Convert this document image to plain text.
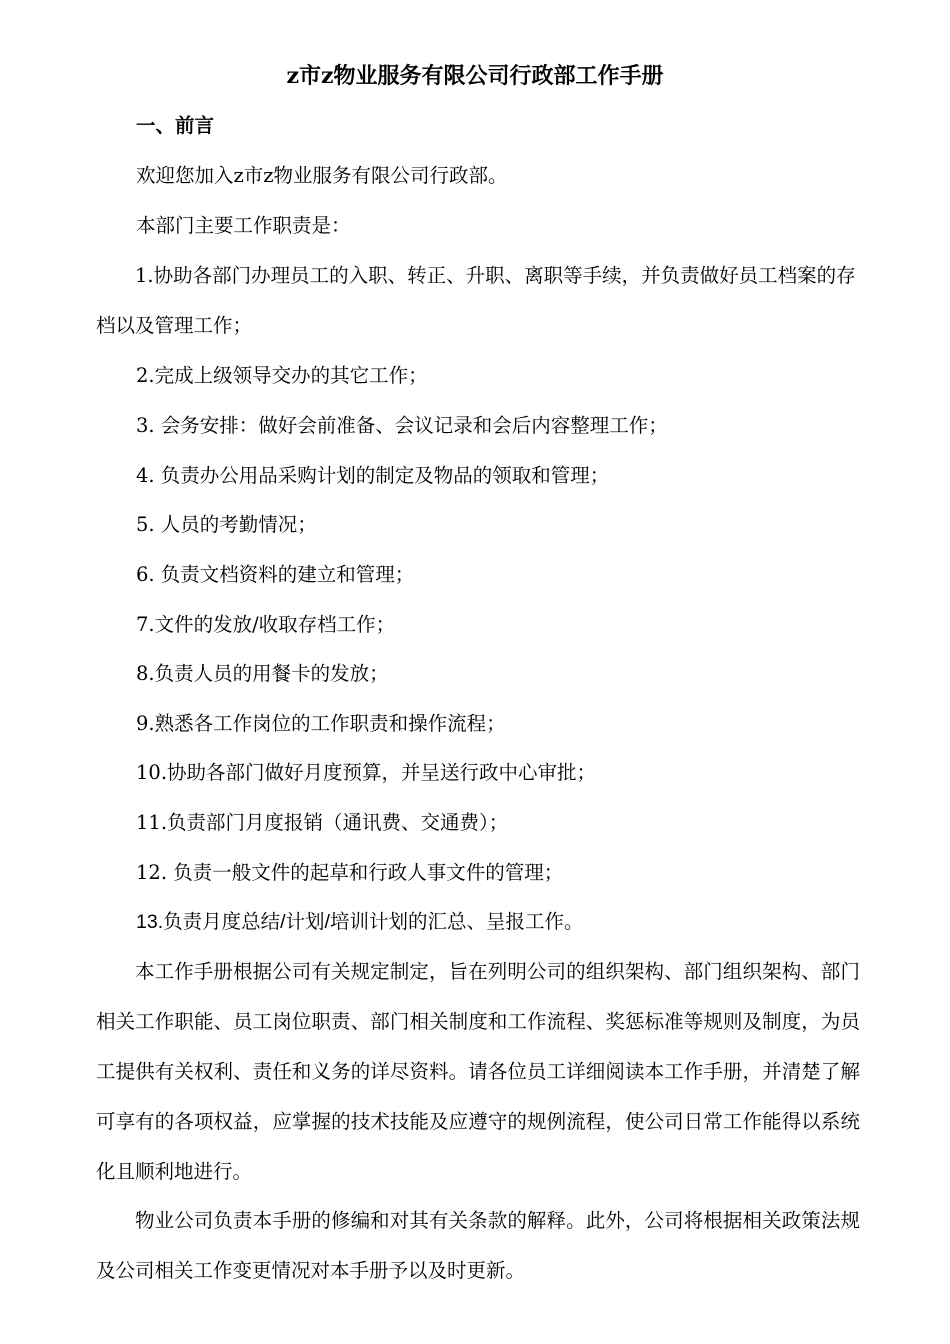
z市z物业服务有限公司行政部工作手册
一、前言
欢迎您加入z市z物业服务有限公司行政部。
本部门主要工作职责是：
1.协助各部门办理员工的入职、转正、升职、离职等手续，并负责做好员工档案的存档以及管理工作；
2.完成上级领导交办的其它工作；
3. 会务安排：做好会前准备、会议记录和会后内容整理工作；
4. 负责办公用品采购计划的制定及物品的领取和管理；
5. 人员的考勤情况；
6. 负责文档资料的建立和管理；
7.文件的发放/收取存档工作；
8.负责人员的用餐卡的发放；
9.熟悉各工作岗位的工作职责和操作流程；
10.协助各部门做好月度预算，并呈送行政中心审批；
11.负责部门月度报销（通讯费、交通费）；
12. 负责一般文件的起草和行政人事文件的管理；
13.负责月度总结/计划/培训计划的汇总、呈报工作。
本工作手册根据公司有关规定制定，旨在列明公司的组织架构、部门组织架构、部门相关工作职能、员工岗位职责、部门相关制度和工作流程、奖惩标准等规则及制度，为员工提供有关权利、责任和义务的详尽资料。请各位员工详细阅读本工作手册，并清楚了解可享有的各项权益，应掌握的技术技能及应遵守的规例流程，使公司日常工作能得以系统化且顺利地进行。
物业公司负责本手册的修编和对其有关条款的解释。此外，公司将根据相关政策法规及公司相关工作变更情况对本手册予以及时更新。
